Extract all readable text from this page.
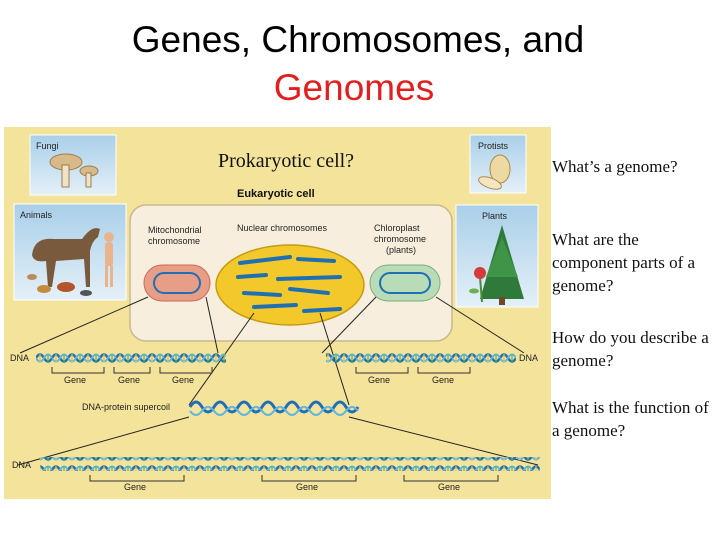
Genes, Chromosomes, and
Genomes
Fungi	Protists
Animals	Plants
Eukaryotic cell
Mitochondrial
chromosome
Nuclear chromosomes	Chloroplast
chromosome
(plants)
DNA
Gene	Gene	Gene
DNA
Gene	Gene
DNA-protein supercoil
DNA
Gene	Gene	Gene
Prokaryotic cell?	What’s a genome?
What are the component parts of a genome?
How do you describe a genome?
What is the function of a genome?
